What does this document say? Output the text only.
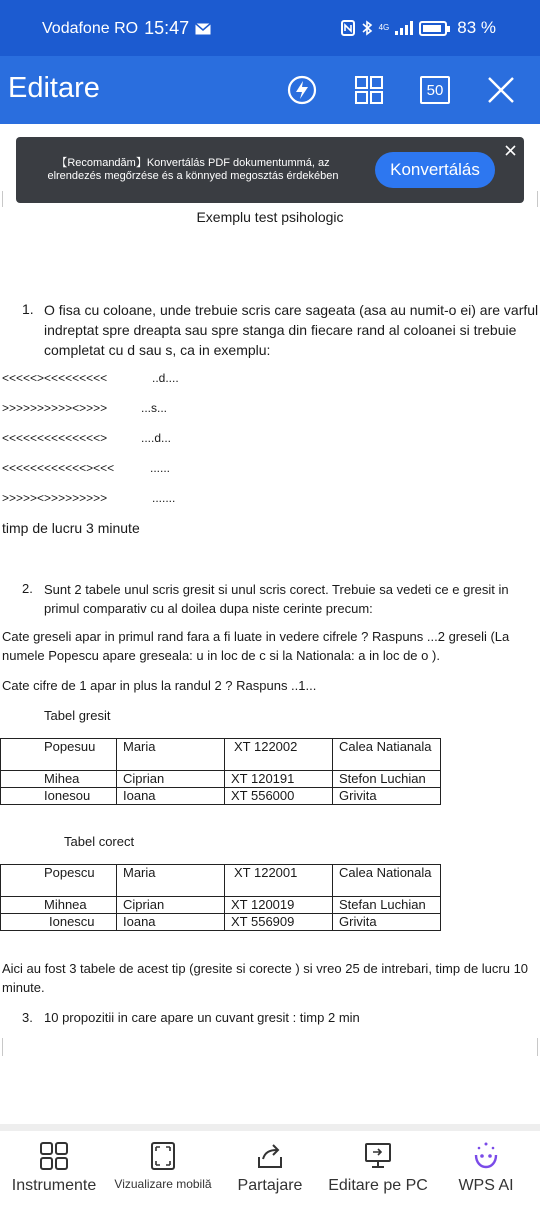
Vodafone RO 15:47	4G	83 %
Editare	50
【Recomandăm】Konvertálás PDF dokumentummá, az elrendezés megőrzése és a könnyed megosztás érdekében	Konvertálás
Exemplu test psihologic
1. O fisa cu coloane, unde trebuie scris care sageata (asa au numit-o ei) are varful indreptat spre dreapta sau spre stanga din fiecare rand al coloanei si trebuie completat cu d sau s, ca in exemplu:
<<<<<><<<<<<<<<	..d....
>>>>>>>>>><>>>>	...s...
<<<<<<<<<<<<<<>	....d...
<<<<<<<<<<<<><<<	......
>>>>><>>>>>>>>>	.......
timp de lucru 3 minute
2. Sunt 2 tabele unul scris gresit si unul scris corect. Trebuie sa vedeti ce e gresit in primul comparativ cu al doilea dupa niste cerinte precum:
Cate greseli apar in primul rand fara a fi luate in vedere cifrele ? Raspuns ...2 greseli (La numele Popescu apare greseala: u in loc de c si la Nationala: a in loc de o ).
Cate cifre de 1 apar in plus la randul 2 ? Raspuns ..1...
Tabel gresit
Popesuu	Maria	XT 122002	Calea Natianala
Mihea	Ciprian	XT 120191	Stefon Luchian
Ionesou	Ioana	XT 556000	Grivita
Tabel corect
Popescu	Maria	XT 122001	Calea Nationala
Mihnea	Ciprian	XT 120019	Stefan Luchian
Ionescu	Ioana	XT 556909	Grivita
Aici au fost 3 tabele de acest tip (gresite si corecte ) si vreo 25 de intrebari, timp de lucru 10 minute.
3. 10 propozitii in care apare un cuvant gresit : timp 2 min
Instrumente Vizualizare mobilă Partajare Editare pe PC WPS AI
